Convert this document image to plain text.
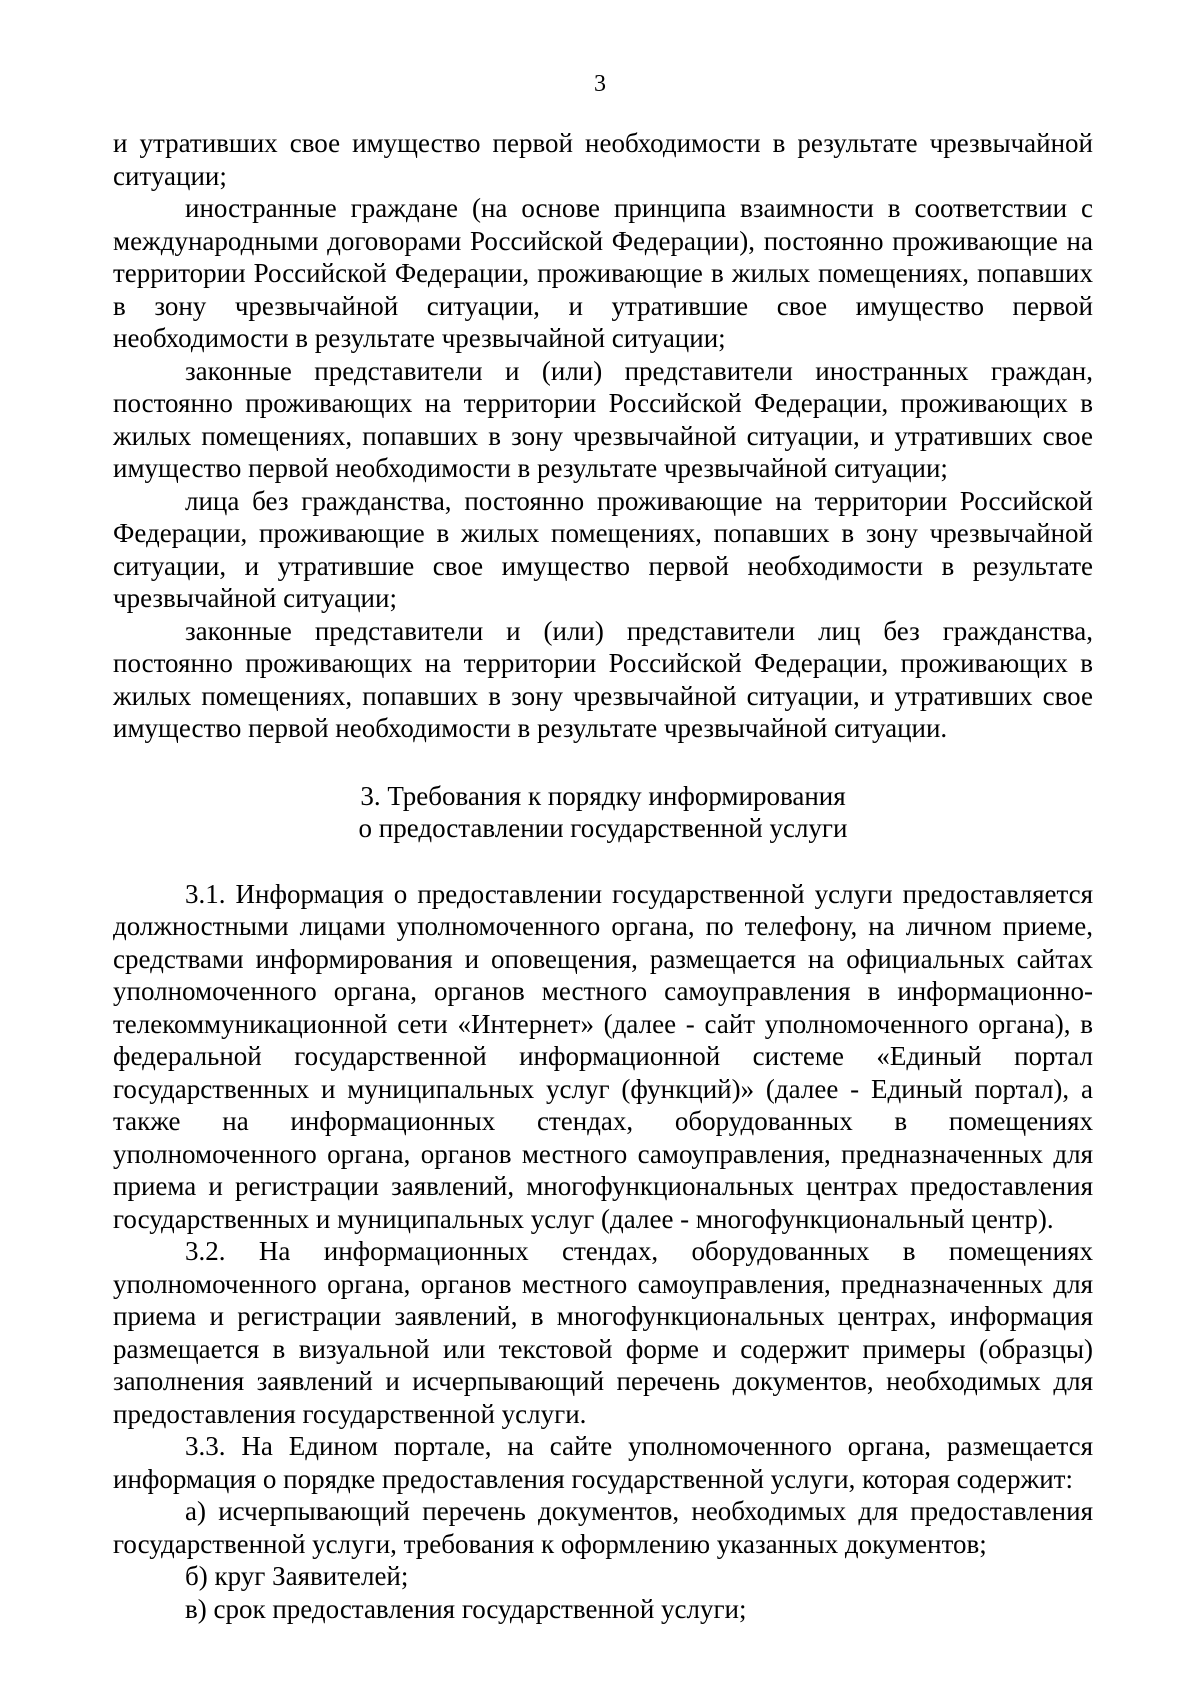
3

и утративших свое имущество первой необходимости в результате чрезвычайной ситуации;

иностранные граждане (на основе принципа взаимности в соответствии с международными договорами Российской Федерации), постоянно проживающие на территории Российской Федерации, проживающие в жилых помещениях, попавших в зону чрезвычайной ситуации, и утратившие свое имущество первой необходимости в результате чрезвычайной ситуации;

законные представители и (или) представители иностранных граждан, постоянно проживающих на территории Российской Федерации, проживающих в жилых помещениях, попавших в зону чрезвычайной ситуации, и утративших свое имущество первой необходимости в результате чрезвычайной ситуации;

лица без гражданства, постоянно проживающие на территории Российской Федерации, проживающие в жилых помещениях, попавших в зону чрезвычайной ситуации, и утратившие свое имущество первой необходимости в результате чрезвычайной ситуации;

законные представители и (или) представители лиц без гражданства, постоянно проживающих на территории Российской Федерации, проживающих в жилых помещениях, попавших в зону чрезвычайной ситуации, и утративших свое имущество первой необходимости в результате чрезвычайной ситуации.

3. Требования к порядку информирования
о предоставлении государственной услуги

3.1. Информация о предоставлении государственной услуги предоставляется должностными лицами уполномоченного органа, по телефону, на личном приеме, средствами информирования и оповещения, размещается на официальных сайтах уполномоченного органа, органов местного самоуправления в информационно-телекоммуникационной сети «Интернет» (далее - сайт уполномоченного органа), в федеральной государственной информационной системе «Единый портал государственных и муниципальных услуг (функций)» (далее - Единый портал), а также на информационных стендах, оборудованных в помещениях уполномоченного органа, органов местного самоуправления, предназначенных для приема и регистрации заявлений, многофункциональных центрах предоставления государственных и муниципальных услуг (далее - многофункциональный центр).

3.2. На информационных стендах, оборудованных в помещениях уполномоченного органа, органов местного самоуправления, предназначенных для приема и регистрации заявлений, в многофункциональных центрах, информация размещается в визуальной или текстовой форме и содержит примеры (образцы) заполнения заявлений и исчерпывающий перечень документов, необходимых для предоставления государственной услуги.

3.3. На Едином портале, на сайте уполномоченного органа, размещается информация о порядке предоставления государственной услуги, которая содержит:

а) исчерпывающий перечень документов, необходимых для предоставления государственной услуги, требования к оформлению указанных документов;

б) круг Заявителей;

в) срок предоставления государственной услуги;
